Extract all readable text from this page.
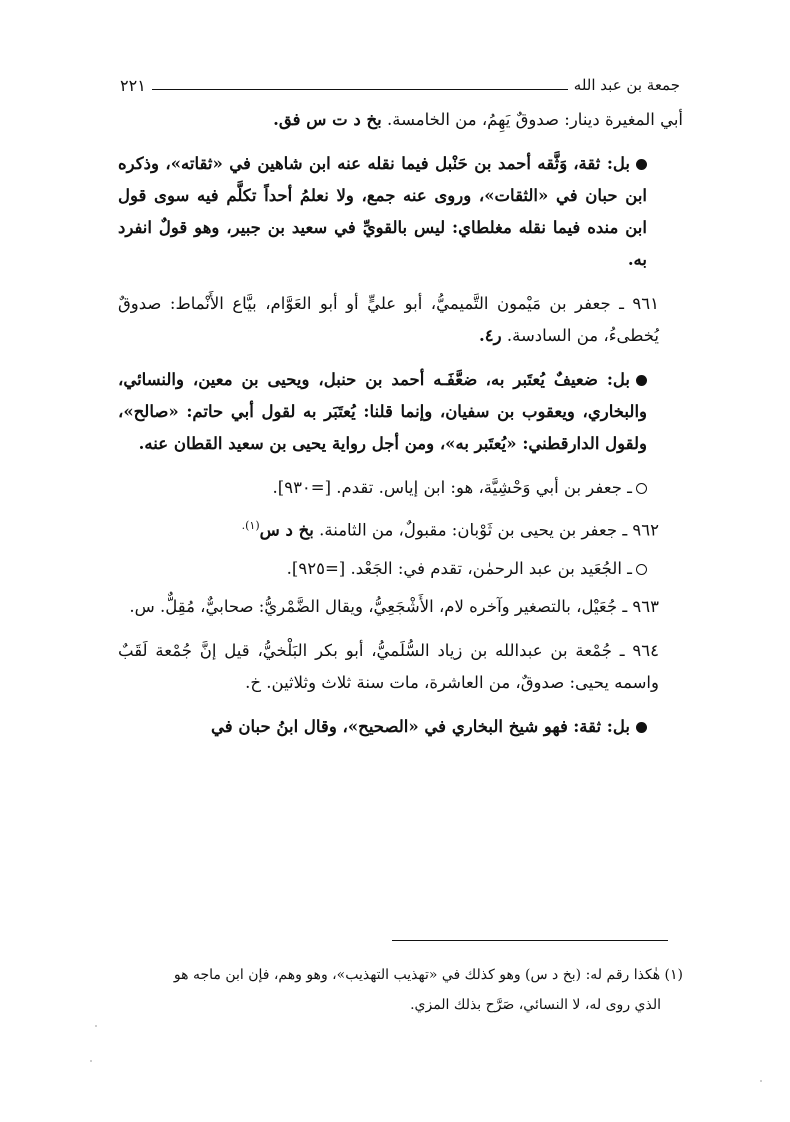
جمعة بن عبد الله
٢٢١

أبي المغيرة دينار: صدوقٌ يَهِمُ، من الخامسة. بخ د ت س فق.

بل: ثقة، وَثَّقه أحمد بن حَنْبل فيما نقله عنه ابن شاهين في «ثقاته»، وذكره ابن حبان في «الثقات»، وروى عنه جمع، ولا نعلمُ أحداً تكلَّم فيه سوى قول ابن منده فيما نقله مغلطاي: ليس بالقويِّ في سعيد بن جبير، وهو قولٌ انفرد به.

٩٦١ ـ جعفر بن مَيْمون التَّميميُّ، أبو عليٍّ أو أبو العَوَّام، بيَّاع الأَنْماط: صدوقٌ يُخطىءُ، من السادسة. ر٤.

بل: ضعيفٌ يُعتَبر به، ضعَّفَـه أحمد بن حنبل، ويحيى بن معين، والنسائي، والبخاري، ويعقوب بن سفيان، وإنما قلنا: يُعتَبَر به لقول أبي حاتم: «صالح»، ولقول الدارقطني: «يُعتَبر به»، ومن أجل رواية يحيى بن سعيد القطان عنه.

ـ جعفر بن أبي وَحْشِيَّة، هو: ابن إياس. تقدم. [=٩٣٠].

٩٦٢ ـ جعفر بن يحيى بن ثَوْبان: مقبولٌ، من الثامنة. بخ د س$^{(١).}$

ـ الجُعَيد بن عبد الرحمٰن، تقدم في: الجَعْد. [=٩٢٥].

٩٦٣ ـ جُعَيْل، بالتصغير وآخره لام، الأَشْجَعِيُّ، ويقال الضَّمْريُّ: صحابيٌّ، مُقِلٌّ. س.

٩٦٤ ـ جُمْعة بن عبدالله بن زياد السُّلَميُّ، أبو بكر البَلْخيُّ، قيل إنَّ جُمْعة لَقَبٌ واسمه يحيى: صدوقٌ، من العاشرة، مات سنة ثلاث وثلاثين. خ.

بل: ثقة: فهو شيخ البخاري في «الصحيح»، وقال ابنُ حبان في

(١) هٰكذا رقم له: (بخ د س) وهو كذلك في «تهذيب التهذيب»، وهو وهم، فإن ابن ماجه هو
الذي روى له، لا النسائي، صَرَّح بذلك المزي.
